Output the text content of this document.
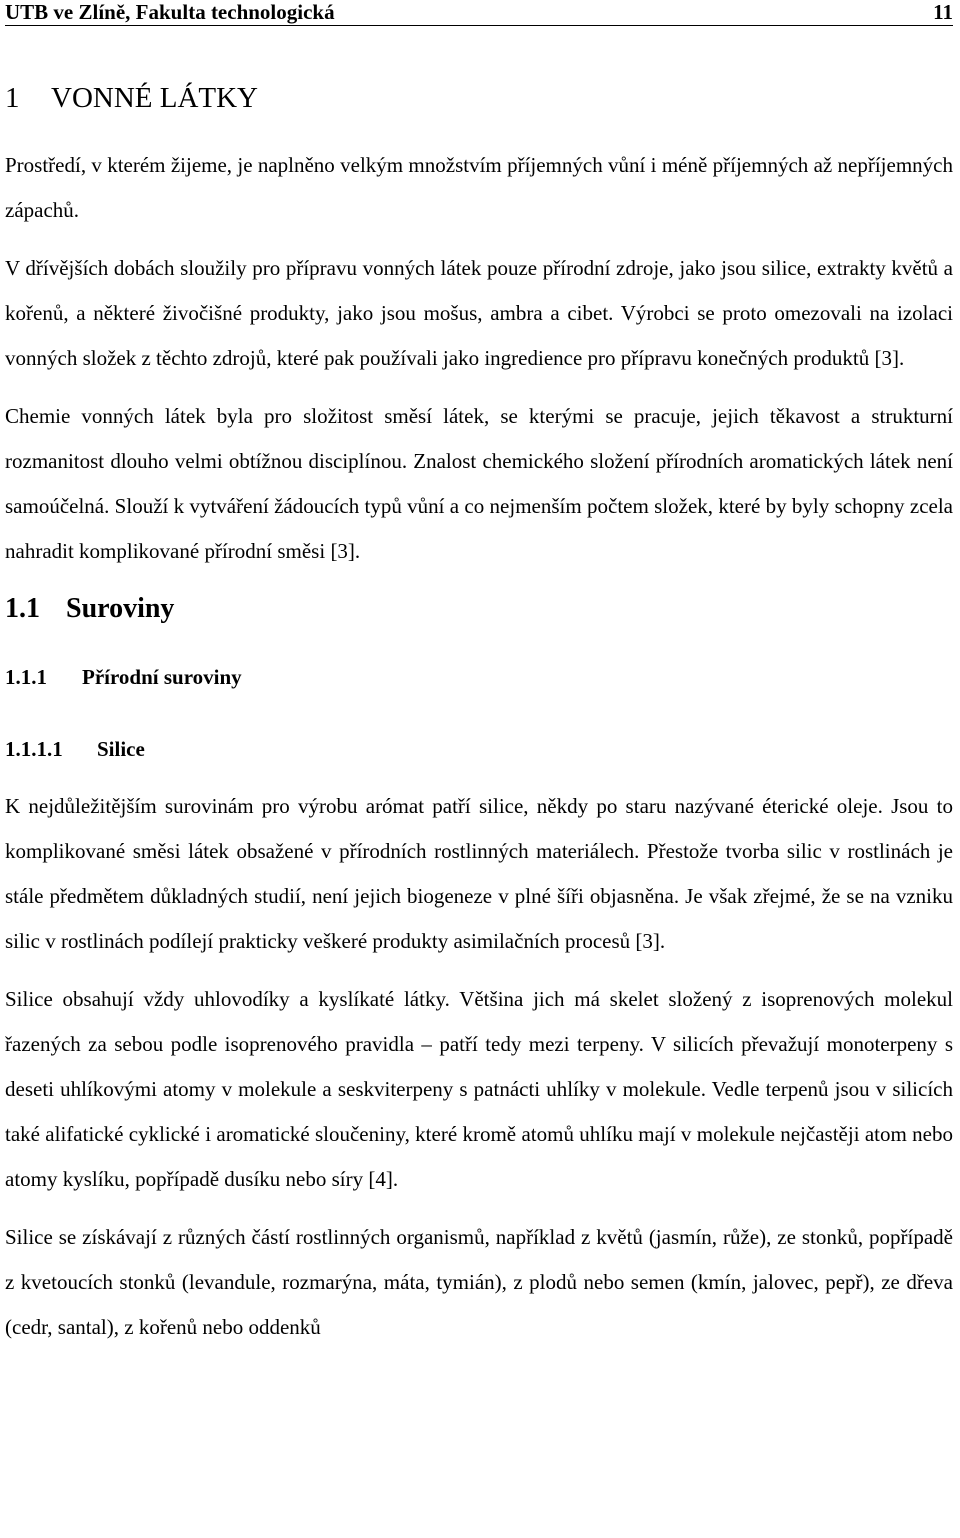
UTB ve Zlíně, Fakulta technologická	11
1 VONNÉ LÁTKY

Prostředí, v kterém žijeme, je naplněno velkým množstvím příjemných vůní i méně příjemných až nepříjemných zápachů.

V dřívějších dobách sloužily pro přípravu vonných látek pouze přírodní zdroje, jako jsou silice, extrakty květů a kořenů, a některé živočišné produkty, jako jsou mošus, ambra a cibet. Výrobci se proto omezovali na izolaci vonných složek z těchto zdrojů, které pak používali jako ingredience pro přípravu konečných produktů [3].

Chemie vonných látek byla pro složitost směsí látek, se kterými se pracuje, jejich těkavost a strukturní rozmanitost dlouho velmi obtížnou disciplínou. Znalost chemického složení přírodních aromatických látek není samoúčelná. Slouží k vytváření žádoucích typů vůní a co nejmenším počtem složek, které by byly schopny zcela nahradit komplikované přírodní směsi [3].

1.1 Suroviny
1.1.1 Přírodní suroviny
1.1.1.1 Silice

K nejdůležitějším surovinám pro výrobu arómat patří silice, někdy po staru nazývané éterické oleje. Jsou to komplikované směsi látek obsažené v přírodních rostlinných materiálech. Přestože tvorba silic v rostlinách je stále předmětem důkladných studií, není jejich biogeneze v plné šíři objasněna. Je však zřejmé, že se na vzniku silic v rostlinách podílejí prakticky veškeré produkty asimilačních procesů [3].

Silice obsahují vždy uhlovodíky a kyslíkaté látky. Většina jich má skelet složený z isoprenových molekul řazených za sebou podle isoprenového pravidla – patří tedy mezi terpeny. V silicích převažují monoterpeny s deseti uhlíkovými atomy v molekule a seskviterpeny s patnácti uhlíky v molekule. Vedle terpenů jsou v silicích také alifatické cyklické i aromatické sloučeniny, které kromě atomů uhlíku mají v molekule nejčastěji atom nebo atomy kyslíku, popřípadě dusíku nebo síry [4].

Silice se získávají z různých částí rostlinných organismů, například z květů (jasmín, růže), ze stonků, popřípadě z kvetoucích stonků (levandule, rozmarýna, máta, tymián), z plodů nebo semen (kmín, jalovec, pepř), ze dřeva (cedr, santal), z kořenů nebo oddenků
